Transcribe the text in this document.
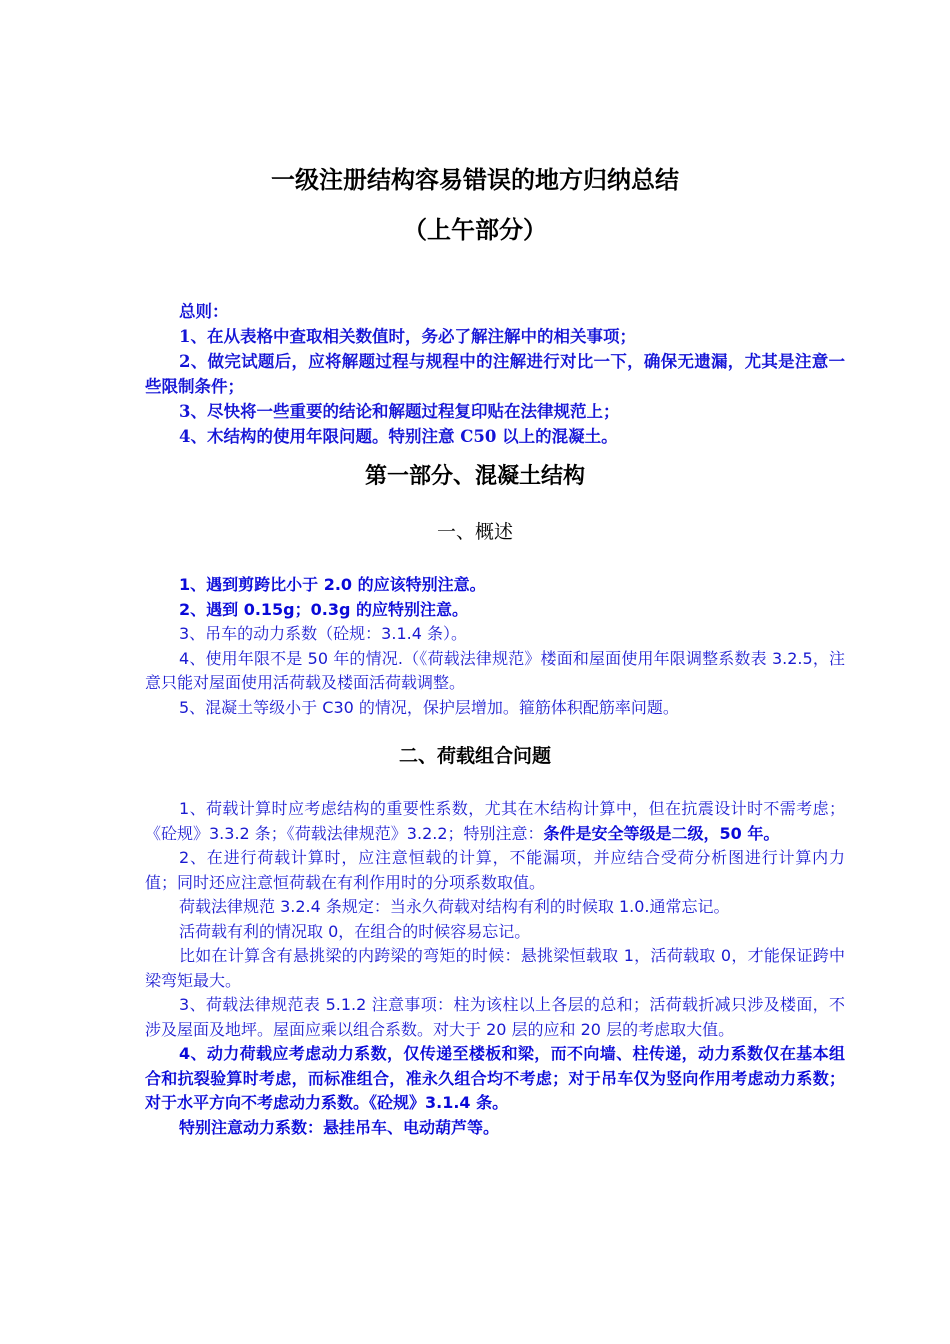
一级注册结构容易错误的地方归纳总结
（上午部分）

总则：

1、在从表格中查取相关数值时，务必了解注解中的相关事项；

2、做完试题后，应将解题过程与规程中的注解进行对比一下，确保无遗漏，尤其是注意一些限制条件；

3、尽快将一些重要的结论和解题过程复印贴在法律规范上；

4、木结构的使用年限问题。特别注意 C50 以上的混凝土。

第一部分、混凝土结构
一、概述

1、遇到剪跨比小于 2.0 的应该特别注意。

2、遇到 0.15g；0.3g 的应特别注意。

3、吊车的动力系数（砼规：3.1.4 条）。

4、使用年限不是 50 年的情况.（《荷载法律规范》楼面和屋面使用年限调整系数表 3.2.5，注意只能对屋面使用活荷载及楼面活荷载调整。

5、混凝土等级小于 C30 的情况，保护层增加。箍筋体积配筋率问题。

二、荷载组合问题

1、荷载计算时应考虑结构的重要性系数，尤其在木结构计算中，但在抗震设计时不需考虑；《砼规》3.3.2 条；《荷载法律规范》3.2.2；特别注意：条件是安全等级是二级，50 年。

2、在进行荷载计算时，应注意恒载的计算，不能漏项，并应结合受荷分析图进行计算内力值；同时还应注意恒荷载在有利作用时的分项系数取值。

荷载法律规范 3.2.4 条规定：当永久荷载对结构有利的时候取 1.0.通常忘记。

活荷载有利的情况取 0，在组合的时候容易忘记。

比如在计算含有悬挑梁的内跨梁的弯矩的时候：悬挑梁恒载取 1，活荷载取 0，才能保证跨中梁弯矩最大。

3、荷载法律规范表 5.1.2 注意事项：柱为该柱以上各层的总和；活荷载折减只涉及楼面，不涉及屋面及地坪。屋面应乘以组合系数。对大于 20 层的应和 20 层的考虑取大值。

4、动力荷载应考虑动力系数，仅传递至楼板和梁，而不向墙、柱传递，动力系数仅在基本组合和抗裂验算时考虑，而标准组合，准永久组合均不考虑；对于吊车仅为竖向作用考虑动力系数；对于水平方向不考虑动力系数。《砼规》3.1.4 条。

特别注意动力系数：悬挂吊车、电动葫芦等。
